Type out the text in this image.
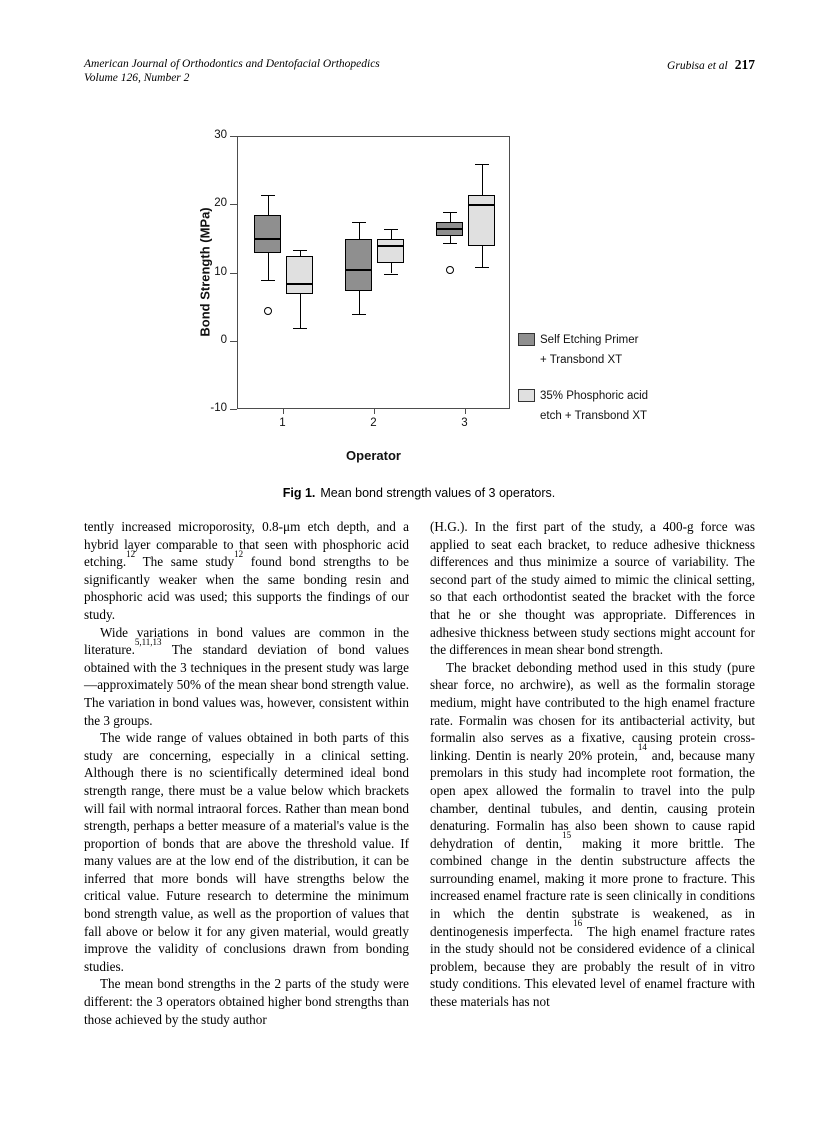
American Journal of Orthodontics and Dentofacial Orthopedics
Volume 126, Number 2
Grubisa et al 217
Bond Strength (MPa)
Operator
Self Etching Primer
+ Transbond XT
35% Phosphoric acid
etch + Transbond XT
30
20
10
0
-10
1	2	3
Fig 1. Mean bond strength values of 3 operators.

tently increased microporosity, 0.8-μm etch depth, and a hybrid layer comparable to that seen with phosphoric acid etching.$^{12}$ The same study$^{12}$ found bond strengths to be significantly weaker when the same bonding resin and phosphoric acid was used; this supports the findings of our study.

Wide variations in bond values are common in the literature.$^{5,11,13}$ The standard deviation of bond values obtained with the 3 techniques in the present study was large—approximately 50% of the mean shear bond strength value. The variation in bond values was, however, consistent within the 3 groups.

The wide range of values obtained in both parts of this study are concerning, especially in a clinical setting. Although there is no scientifically determined ideal bond strength range, there must be a value below which brackets will fail with normal intraoral forces. Rather than mean bond strength, perhaps a better measure of a material's value is the proportion of bonds that are above the threshold value. If many values are at the low end of the distribution, it can be inferred that more bonds will have strengths below the critical value. Future research to determine the minimum bond strength value, as well as the proportion of values that fall above or below it for any given material, would greatly improve the validity of conclusions drawn from bonding studies.

The mean bond strengths in the 2 parts of the study were different: the 3 operators obtained higher bond strengths than those achieved by the study author

(H.G.). In the first part of the study, a 400-g force was applied to seat each bracket, to reduce adhesive thickness differences and thus minimize a source of variability. The second part of the study aimed to mimic the clinical setting, so that each orthodontist seated the bracket with the force that he or she thought was appropriate. Differences in adhesive thickness between study sections might account for the differences in mean shear bond strength.

The bracket debonding method used in this study (pure shear force, no archwire), as well as the formalin storage medium, might have contributed to the high enamel fracture rate. Formalin was chosen for its antibacterial activity, but formalin also serves as a fixative, causing protein cross-linking. Dentin is nearly 20% protein,$^{14}$ and, because many premolars in this study had incomplete root formation, the open apex allowed the formalin to travel into the pulp chamber, dentinal tubules, and dentin, causing protein denaturing. Formalin has also been shown to cause rapid dehydration of dentin,$^{15}$ making it more brittle. The combined change in the dentin substructure affects the surrounding enamel, making it more prone to fracture. This increased enamel fracture rate is seen clinically in conditions in which the dentin substrate is weakened, as in dentinogenesis imperfecta.$^{16}$ The high enamel fracture rates in the study should not be considered evidence of a clinical problem, because they are probably the result of in vitro study conditions. This elevated level of enamel fracture with these materials has not
